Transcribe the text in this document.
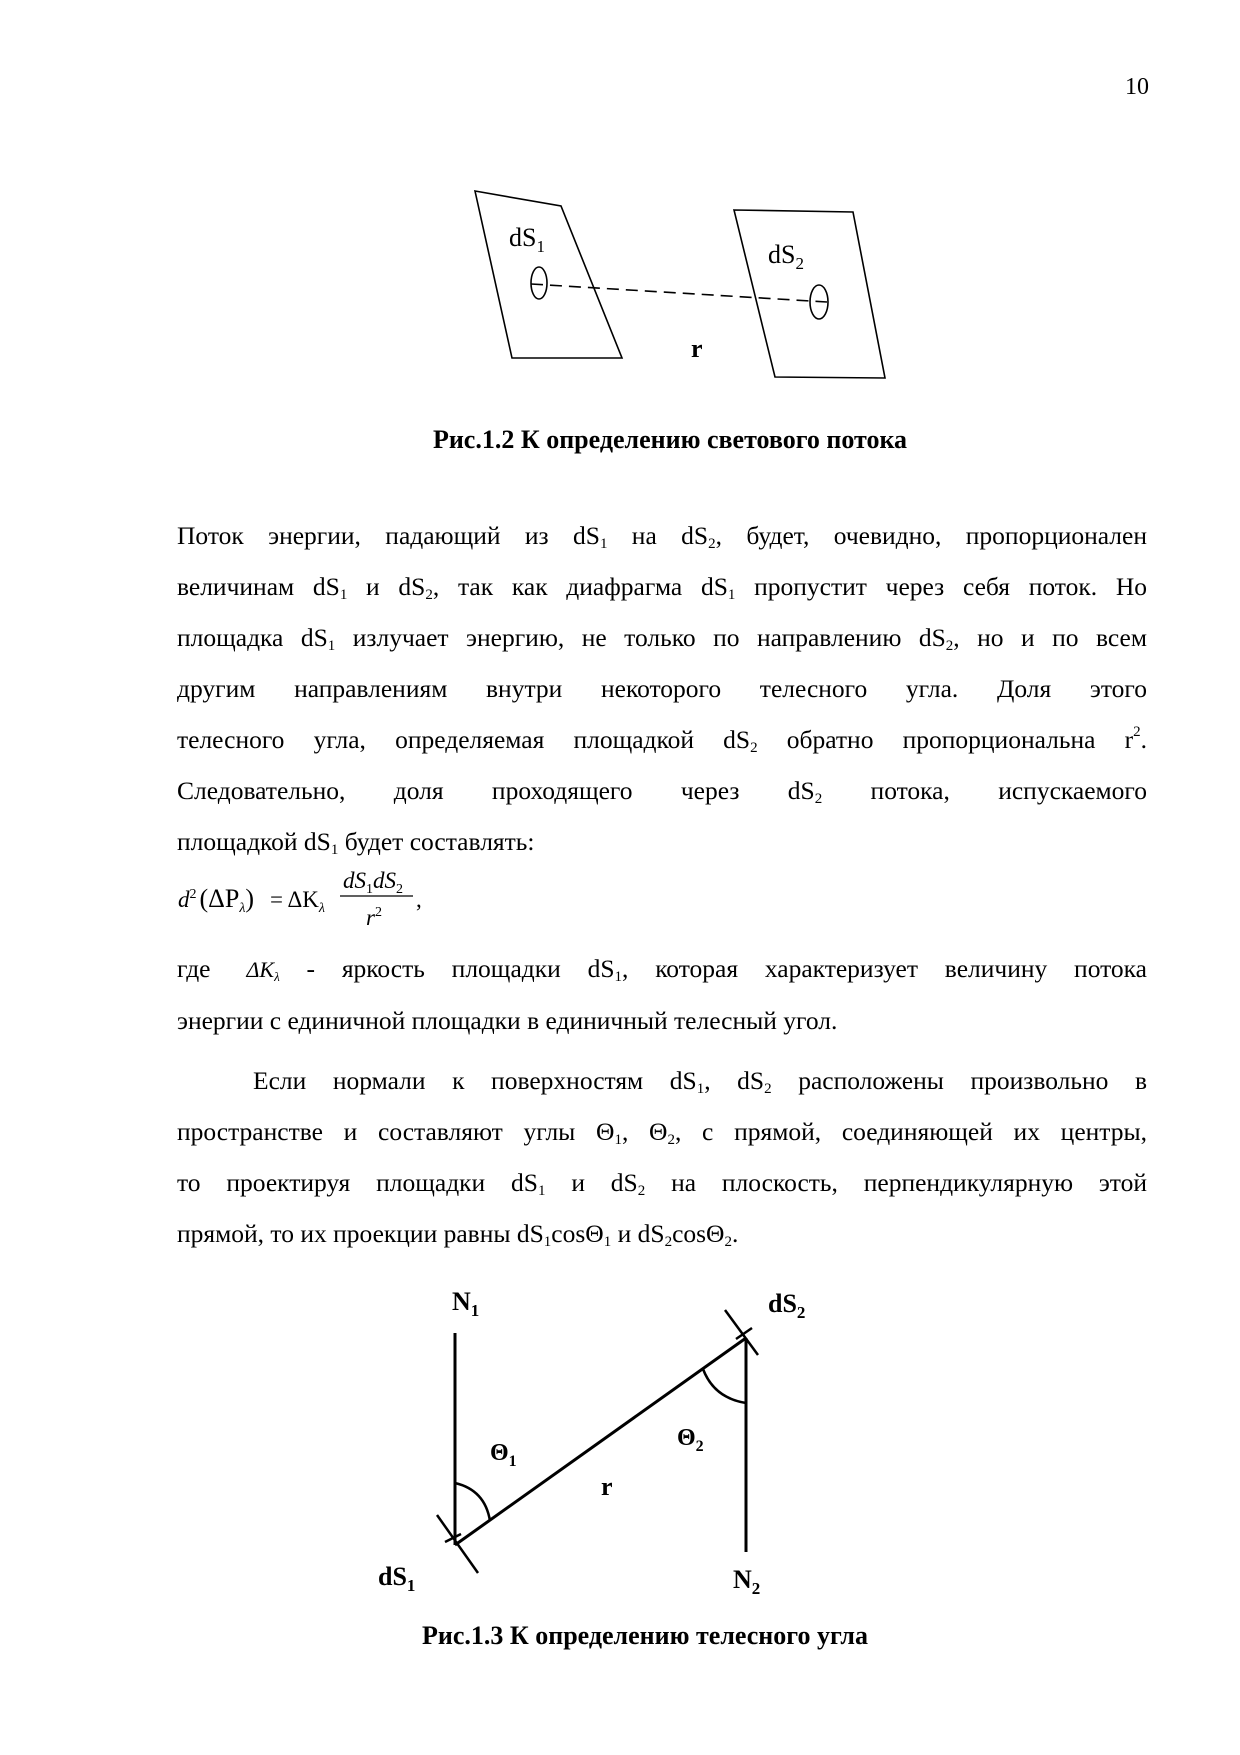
10
$dS_1$	$dS_2$
r
Рис.1.2 К определению светового потока
Поток энергии, падающий из $dS_1$ на $dS_2$, будет, очевидно, пропорционален
величинам $dS_1$ и $dS_2$, так как диафрагма $dS_1$ пропустит через себя поток. Но
площадка $dS_1$ излучает энергию, не только по направлению $dS_2$, но и по всем
другим направлениям внутри некоторого телесного угла. Доля этого
телесного угла, определяемая площадкой $dS_2$ обратно пропорциональна $r^2$.
Следовательно, доля проходящего через $dS_2$ потока, испускаемого
площадкой $dS_1$ будет составлять:
$d^2$ $(\Delta P_\lambda) = \Delta K_\lambda$
$dS_1dS_2$
$r^2$
,
где $\Delta K_\lambda$ - яркость площадки $dS_1$, которая характеризует величину потока
энергии с единичной площадки в единичный телесный угол.
Если нормали к поверхностям $dS_1$, $dS_2$ расположены произвольно в
пространстве и составляют углы $\Theta_1$, $\Theta_2$, с прямой, соединяющей их центры,
то проектируя площадки $dS_1$ и $dS_2$ на плоскость, перпендикулярную этой
прямой, то их проекции равны $dS_1\cos\Theta_1$ и $dS_2\cos\Theta_2$.
$N_1$	$dS_2$
$\Theta_1$
$\Theta_2$
r
$dS_1$	$N_2$
Рис.1.3 К определению телесного угла
